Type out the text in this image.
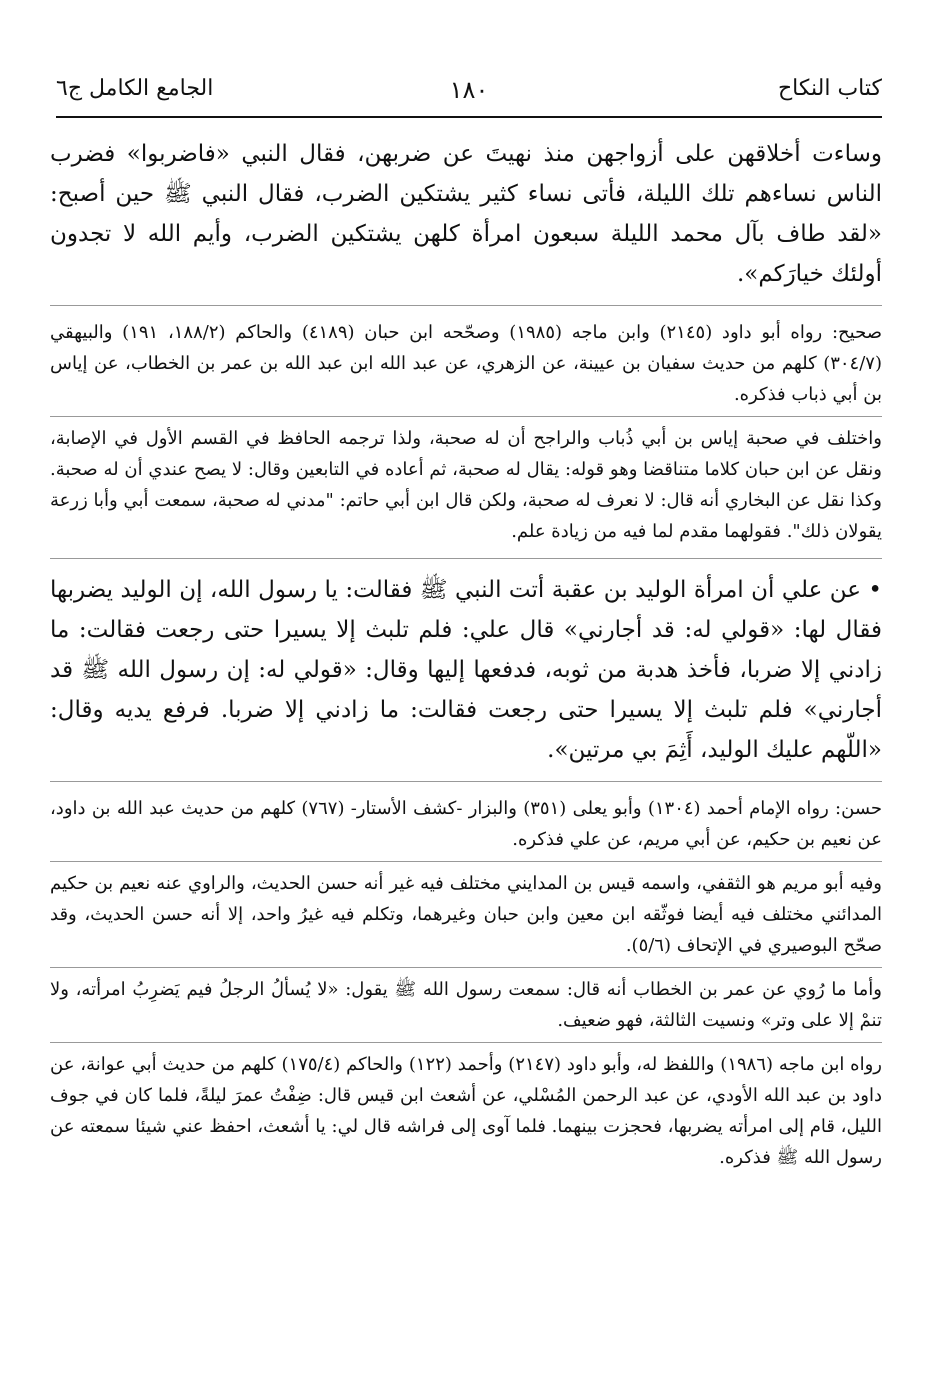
كتاب النكاح
١٨٠
الجامع الكامل ج٦

وساءت أخلاقهن على أزواجهن منذ نهيتَ عن ضربهن، فقال النبي «فاضربوا» فضرب الناس نساءهم تلك الليلة، فأتى نساء كثير يشتكين الضرب، فقال النبي ﷺ حين أصبح: «لقد طاف بآل محمد الليلة سبعون امرأة كلهن يشتكين الضرب، وأيم الله لا تجدون أولئك خيارَكم».

صحيح: رواه أبو داود (٢١٤٥) وابن ماجه (١٩٨٥) وصحّحه ابن حبان (٤١٨٩) والحاكم (١٨٨/٢، ١٩١) والبيهقي (٣٠٤/٧) كلهم من حديث سفيان بن عيينة، عن الزهري، عن عبد الله ابن عبد الله بن عمر بن الخطاب، عن إياس بن أبي ذباب فذكره.

واختلف في صحبة إياس بن أبي ذُباب والراجح أن له صحبة، ولذا ترجمه الحافظ في القسم الأول في الإصابة، ونقل عن ابن حبان كلاما متناقضا وهو قوله: يقال له صحبة، ثم أعاده في التابعين وقال: لا يصح عندي أن له صحبة. وكذا نقل عن البخاري أنه قال: لا نعرف له صحبة، ولكن قال ابن أبي حاتم: "مدني له صحبة، سمعت أبي وأبا زرعة يقولان ذلك". فقولهما مقدم لما فيه من زيادة علم.

• عن علي أن امرأة الوليد بن عقبة أتت النبي ﷺ فقالت: يا رسول الله، إن الوليد يضربها فقال لها: «قولي له: قد أجارني» قال علي: فلم تلبث إلا يسيرا حتى رجعت فقالت: ما زادني إلا ضربا، فأخذ هدبة من ثوبه، فدفعها إليها وقال: «قولي له: إن رسول الله ﷺ قد أجارني» فلم تلبث إلا يسيرا حتى رجعت فقالت: ما زادني إلا ضربا. فرفع يديه وقال: «اللّهم عليك الوليد، أَثِمَ بي مرتين».

حسن: رواه الإمام أحمد (١٣٠٤) وأبو يعلى (٣٥١) والبزار -كشف الأستار- (٧٦٧) كلهم من حديث عبد الله بن داود، عن نعيم بن حكيم، عن أبي مريم، عن علي فذكره.

وفيه أبو مريم هو الثقفي، واسمه قيس بن المدايني مختلف فيه غير أنه حسن الحديث، والراوي عنه نعيم بن حكيم المدائني مختلف فيه أيضا فوثّقه ابن معين وابن حبان وغيرهما، وتكلم فيه غيرُ واحد، إلا أنه حسن الحديث، وقد صحّح البوصيري في الإتحاف (٥/٦).

وأما ما رُوي عن عمر بن الخطاب أنه قال: سمعت رسول الله ﷺ يقول: «لا يُسألُ الرجلُ فيم يَضرِبُ امرأته، ولا تنمْ إلا على وتر» ونسيت الثالثة، فهو ضعيف.

رواه ابن ماجه (١٩٨٦) واللفظ له، وأبو داود (٢١٤٧) وأحمد (١٢٢) والحاكم (١٧٥/٤) كلهم من حديث أبي عوانة، عن داود بن عبد الله الأودي، عن عبد الرحمن المُسْلي، عن أشعث ابن قيس قال: ضِفْتُ عمرَ ليلةً، فلما كان في جوف الليل، قام إلى امرأته يضربها، فحجزت بينهما. فلما آوى إلى فراشه قال لي: يا أشعث، احفظ عني شيئا سمعته عن رسول الله ﷺ فذكره.
